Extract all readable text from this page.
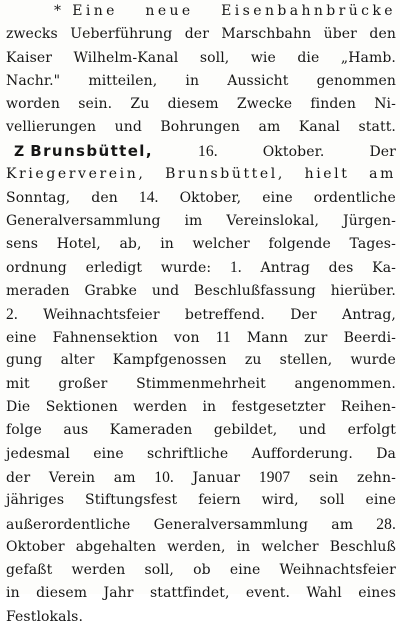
* Eine neue Eisenbahnbrücke
zwecks Ueberführung der Marschbahn über den
Kaiser Wilhelm-Kanal soll, wie die „Hamb.
Nachr." mitteilen, in Aussicht genommen
worden sein. Zu diesem Zwecke finden Ni-
vellierungen und Bohrungen am Kanal statt.
Z Brunsbüttel,	16.	Oktober.	Der
Kriegerverein, Brunsbüttel, hielt am
Sonntag, den 14. Oktober, eine ordentliche
Generalversammlung im Vereinslokal, Jürgen-
sens Hotel, ab, in welcher folgende Tages-
ordnung erledigt wurde: 1. Antrag des Ka-
meraden Grabke und Beschlußfassung hierüber.
2. Weihnachtsfeier betreffend. Der Antrag,
eine Fahnensektion von 11 Mann zur Beerdi-
gung alter Kampfgenossen zu stellen, wurde
mit großer Stimmenmehrheit angenommen.
Die Sektionen werden in festgesetzter Reihen-
folge aus Kameraden gebildet, und erfolgt
jedesmal eine schriftliche Aufforderung. Da
der Verein am 10. Januar 1907 sein zehn-
jähriges Stiftungsfest feiern wird, soll eine
außerordentliche Generalversammlung am 28.
Oktober abgehalten werden, in welcher Beschluß
gefaßt werden soll, ob eine Weihnachtsfeier
in diesem Jahr stattfindet, event. Wahl eines
Festlokals.
